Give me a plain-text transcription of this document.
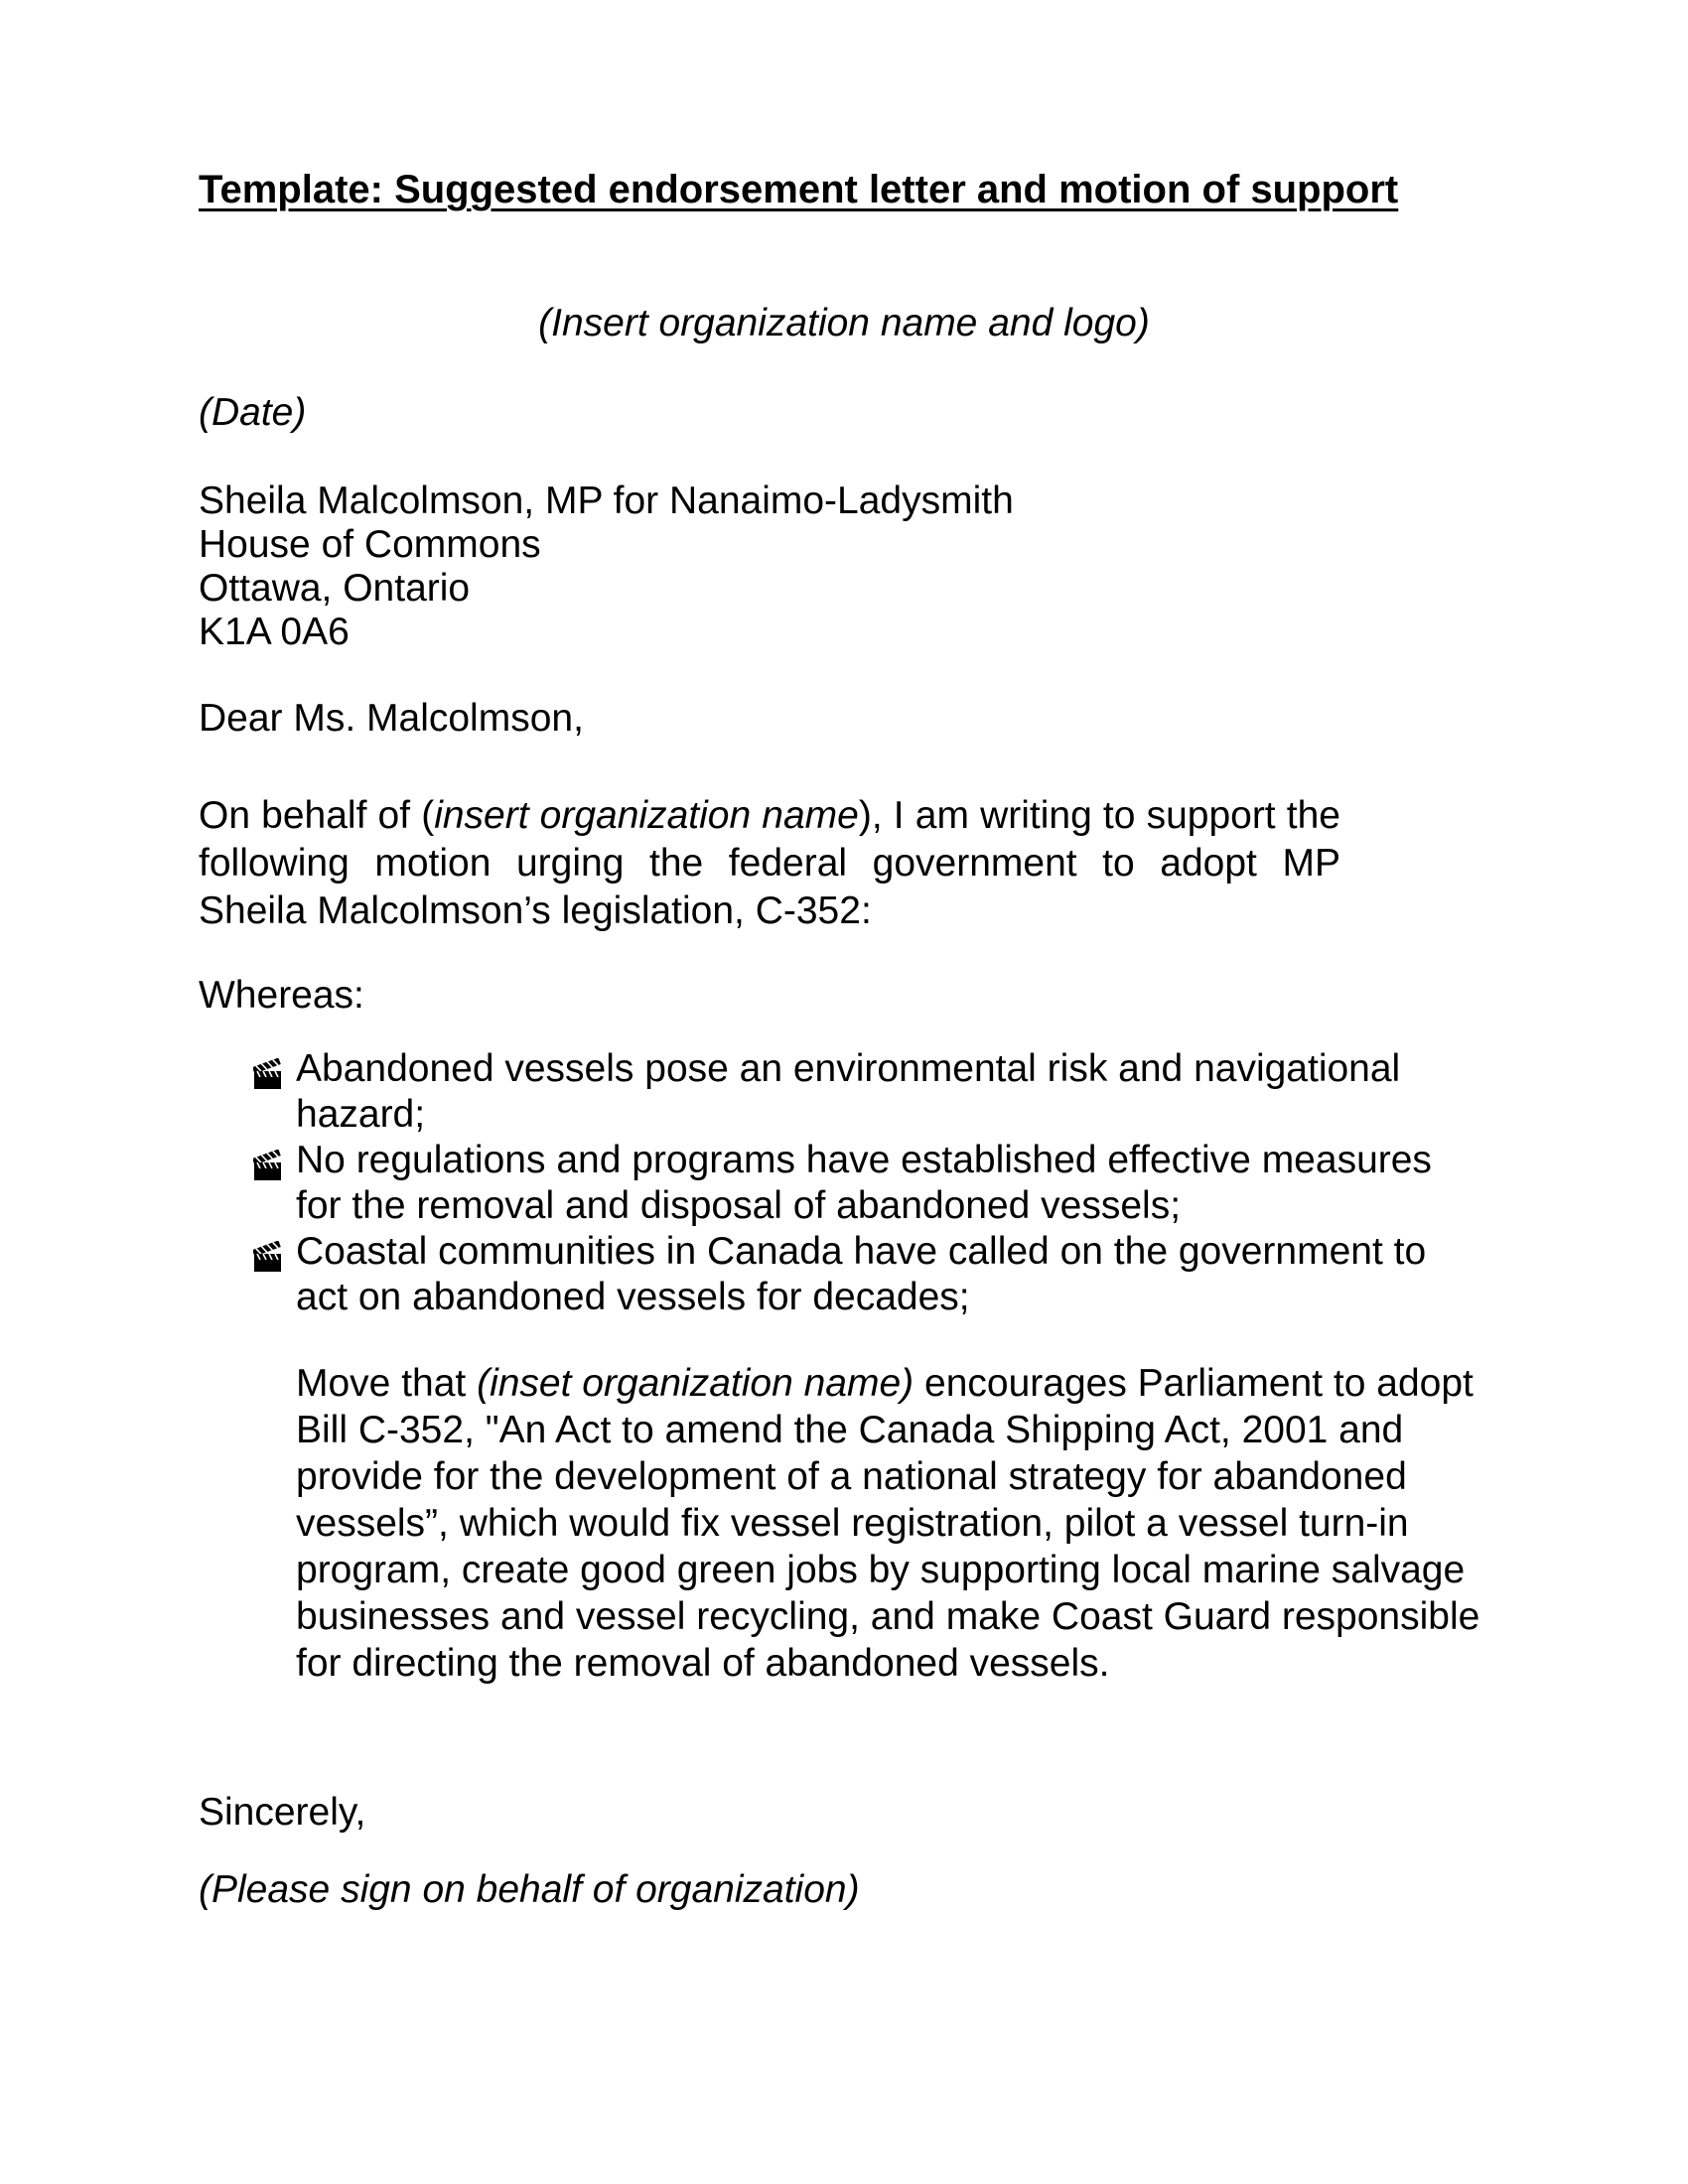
Template: Suggested endorsement letter and motion of support
(Insert organization name and logo)
(Date)
Sheila Malcolmson, MP for Nanaimo-Ladysmith
House of Commons
Ottawa, Ontario
K1A 0A6
Dear Ms. Malcolmson,

On behalf of (insert organization name), I am writing to support the following motion urging the federal government to adopt MP Sheila Malcolmson’s legislation, C-352:

Whereas:
Abandoned vessels pose an environmental risk and navigational hazard;
No regulations and programs have established effective measures for the removal and disposal of abandoned vessels;
Coastal communities in Canada have called on the government to act on abandoned vessels for decades;

Move that (inset organization name) encourages Parliament to adopt Bill C-352, "An Act to amend the Canada Shipping Act, 2001 and provide for the development of a national strategy for abandoned vessels”, which would fix vessel registration, pilot a vessel turn-in program, create good green jobs by supporting local marine salvage businesses and vessel recycling, and make Coast Guard responsible for directing the removal of abandoned vessels.

Sincerely,
(Please sign on behalf of organization)
